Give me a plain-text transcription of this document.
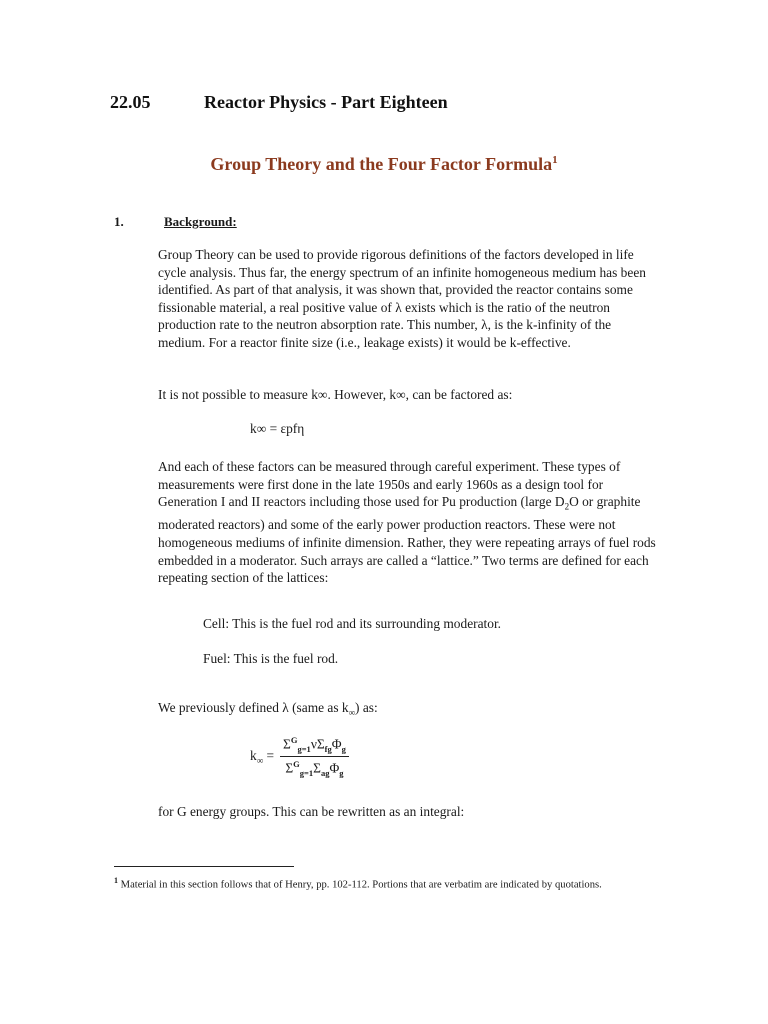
22.05	Reactor Physics - Part Eighteen
Group Theory and the Four Factor Formula$^1$
1.	Background:

Group Theory can be used to provide rigorous definitions of the factors developed in life cycle analysis. Thus far, the energy spectrum of an infinite homogeneous medium has been identified. As part of that analysis, it was shown that, provided the reactor contains some fissionable material, a real positive value of λ exists which is the ratio of the neutron production rate to the neutron absorption rate. This number, λ, is the k-infinity of the medium. For a reactor finite size (i.e., leakage exists) it would be k-effective.

It is not possible to measure k∞. However, k∞, can be factored as:

k∞ = εpfη

And each of these factors can be measured through careful experiment. These types of measurements were first done in the late 1950s and early 1960s as a design tool for Generation I and II reactors including those used for Pu production (large $D_2O$ or graphite moderated reactors) and some of the early power production reactors. These were not homogeneous mediums of infinite dimension. Rather, they were repeating arrays of fuel rods embedded in a moderator. Such arrays are called a “lattice.” Two terms are defined for each repeating section of the lattices:

Cell: This is the fuel rod and its surrounding moderator.
Fuel: This is the fuel rod.

We previously defined λ (same as $k_\infty$) as:

$k_\infty = \frac{\Sigma^G_{g=1}\nu\Sigma_{fg}\Phi_g}{\Sigma^G_{g=1}\Sigma_{ag}\Phi_g}$

for G energy groups. This can be rewritten as an integral:

$^1$ Material in this section follows that of Henry, pp. 102-112. Portions that are verbatim are indicated by quotations.
